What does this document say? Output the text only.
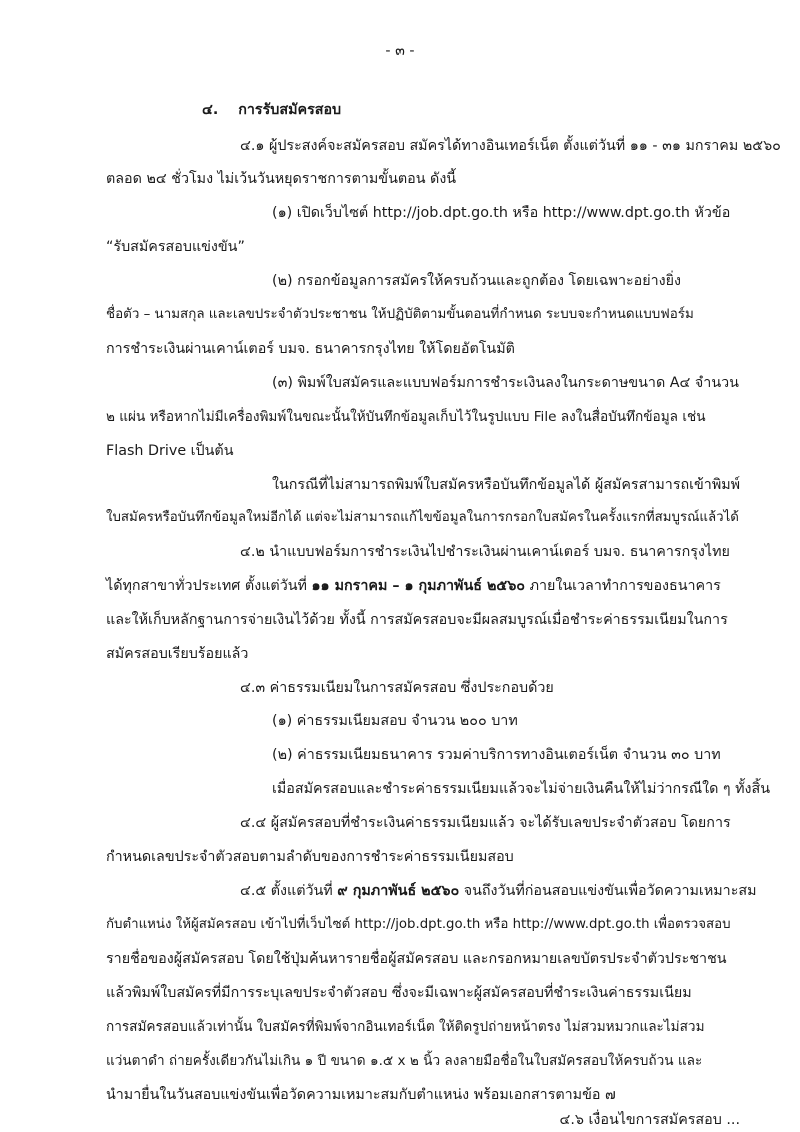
- ๓ -
๔. การรับสมัครสอบ
๔.๑ ผู้ประสงค์จะสมัครสอบ สมัครได้ทางอินเทอร์เน็ต ตั้งแต่วันที่ ๑๑ - ๓๑ มกราคม ๒๕๖๐
ตลอด ๒๔ ชั่วโมง ไม่เว้นวันหยุดราชการตามขั้นตอน ดังนี้
(๑) เปิดเว็บไซต์ http://job.dpt.go.th หรือ http://www.dpt.go.th หัวข้อ
“รับสมัครสอบแข่งขัน”
(๒) กรอกข้อมูลการสมัครให้ครบถ้วนและถูกต้อง โดยเฉพาะอย่างยิ่ง
ชื่อตัว – นามสกุล และเลขประจำตัวประชาชน ให้ปฏิบัติตามขั้นตอนที่กำหนด ระบบจะกำหนดแบบฟอร์ม
การชำระเงินผ่านเคาน์เตอร์ บมจ. ธนาคารกรุงไทย ให้โดยอัตโนมัติ
(๓) พิมพ์ใบสมัครและแบบฟอร์มการชำระเงินลงในกระดาษขนาด A๔ จำนวน
๒ แผ่น หรือหากไม่มีเครื่องพิมพ์ในขณะนั้นให้บันทึกข้อมูลเก็บไว้ในรูปแบบ File ลงในสื่อบันทึกข้อมูล เช่น
Flash Drive เป็นต้น
ในกรณีที่ไม่สามารถพิมพ์ใบสมัครหรือบันทึกข้อมูลได้ ผู้สมัครสามารถเข้าพิมพ์
ใบสมัครหรือบันทึกข้อมูลใหม่อีกได้ แต่จะไม่สามารถแก้ไขข้อมูลในการกรอกใบสมัครในครั้งแรกที่สมบูรณ์แล้วได้
๔.๒ นำแบบฟอร์มการชำระเงินไปชำระเงินผ่านเคาน์เตอร์ บมจ. ธนาคารกรุงไทย
ได้ทุกสาขาทั่วประเทศ ตั้งแต่วันที่ ๑๑ มกราคม – ๑ กุมภาพันธ์ ๒๕๖๐ ภายในเวลาทำการของธนาคาร
และให้เก็บหลักฐานการจ่ายเงินไว้ด้วย ทั้งนี้ การสมัครสอบจะมีผลสมบูรณ์เมื่อชำระค่าธรรมเนียมในการ
สมัครสอบเรียบร้อยแล้ว
๔.๓ ค่าธรรมเนียมในการสมัครสอบ ซึ่งประกอบด้วย
(๑) ค่าธรรมเนียมสอบ จำนวน ๒๐๐ บาท
(๒) ค่าธรรมเนียมธนาคาร รวมค่าบริการทางอินเตอร์เน็ต จำนวน ๓๐ บาท
เมื่อสมัครสอบและชำระค่าธรรมเนียมแล้วจะไม่จ่ายเงินคืนให้ไม่ว่ากรณีใด ๆ ทั้งสิ้น
๔.๔ ผู้สมัครสอบที่ชำระเงินค่าธรรมเนียมแล้ว จะได้รับเลขประจำตัวสอบ โดยการ
กำหนดเลขประจำตัวสอบตามลำดับของการชำระค่าธรรมเนียมสอบ
๔.๕ ตั้งแต่วันที่ ๙ กุมภาพันธ์ ๒๕๖๐ จนถึงวันที่ก่อนสอบแข่งขันเพื่อวัดความเหมาะสม
กับตำแหน่ง ให้ผู้สมัครสอบ เข้าไปที่เว็บไซต์ http://job.dpt.go.th หรือ http://www.dpt.go.th เพื่อตรวจสอบ
รายชื่อของผู้สมัครสอบ โดยใช้ปุ่มค้นหารายชื่อผู้สมัครสอบ และกรอกหมายเลขบัตรประจำตัวประชาชน
แล้วพิมพ์ใบสมัครที่มีการระบุเลขประจำตัวสอบ ซึ่งจะมีเฉพาะผู้สมัครสอบที่ชำระเงินค่าธรรมเนียม
การสมัครสอบแล้วเท่านั้น ใบสมัครที่พิมพ์จากอินเทอร์เน็ต ให้ติดรูปถ่ายหน้าตรง ไม่สวมหมวกและไม่สวม
แว่นตาดำ ถ่ายครั้งเดียวกันไม่เกิน ๑ ปี ขนาด ๑.๕ x ๒ นิ้ว ลงลายมือชื่อในใบสมัครสอบให้ครบถ้วน และ
นำมายื่นในวันสอบแข่งขันเพื่อวัดความเหมาะสมกับตำแหน่ง พร้อมเอกสารตามข้อ ๗
๔.๖ เงื่อนไขการสมัครสอบ ...
